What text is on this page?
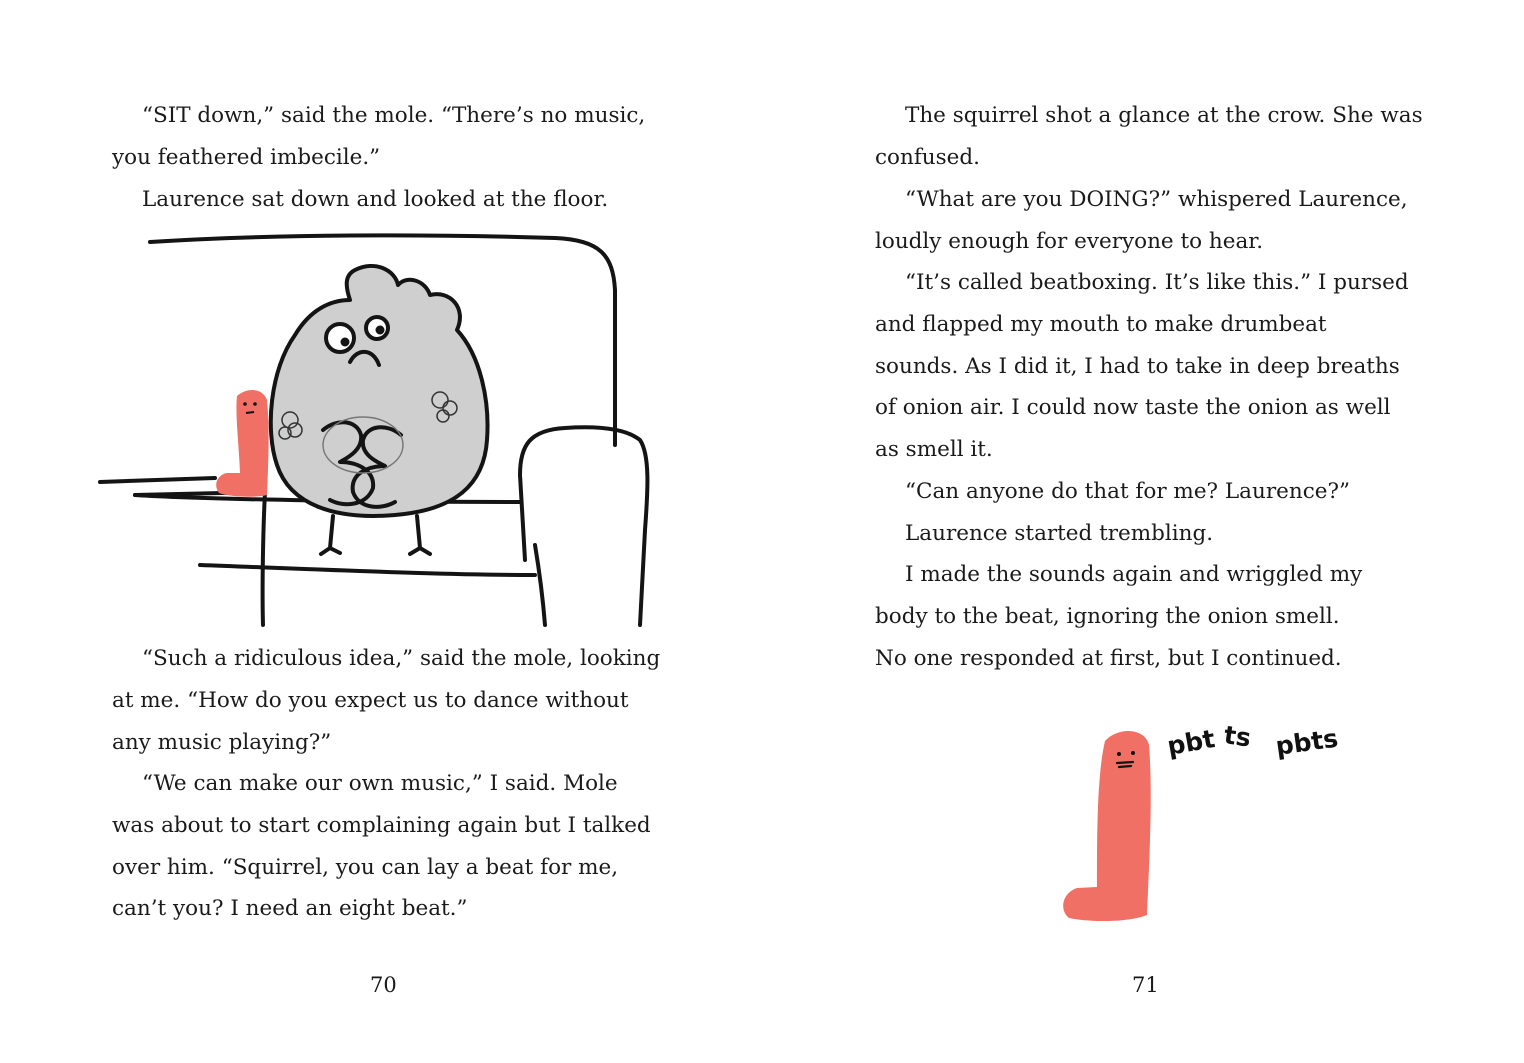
“SIT down,” said the mole. “There’s no music,
you feathered imbecile.”

Laurence sat down and looked at the floor.

“Such a ridiculous idea,” said the mole, looking
at me. “How do you expect us to dance without
any music playing?”

“We can make our own music,” I said. Mole
was about to start complaining again but I talked
over him. “Squirrel, you can lay a beat for me,
can’t you? I need an eight beat.”

70

The squirrel shot a glance at the crow. She was
confused.

“What are you DOING?” whispered Laurence,
loudly enough for everyone to hear.

“It’s called beatboxing. It’s like this.” I pursed
and flapped my mouth to make drumbeat
sounds. As I did it, I had to take in deep breaths
of onion air. I could now taste the onion as well
as smell it.

“Can anyone do that for me? Laurence?”

Laurence started trembling.

I made the sounds again and wriggled my
body to the beat, ignoring the onion smell.

No one responded at first, but I continued.

pbt ts pbts
71
